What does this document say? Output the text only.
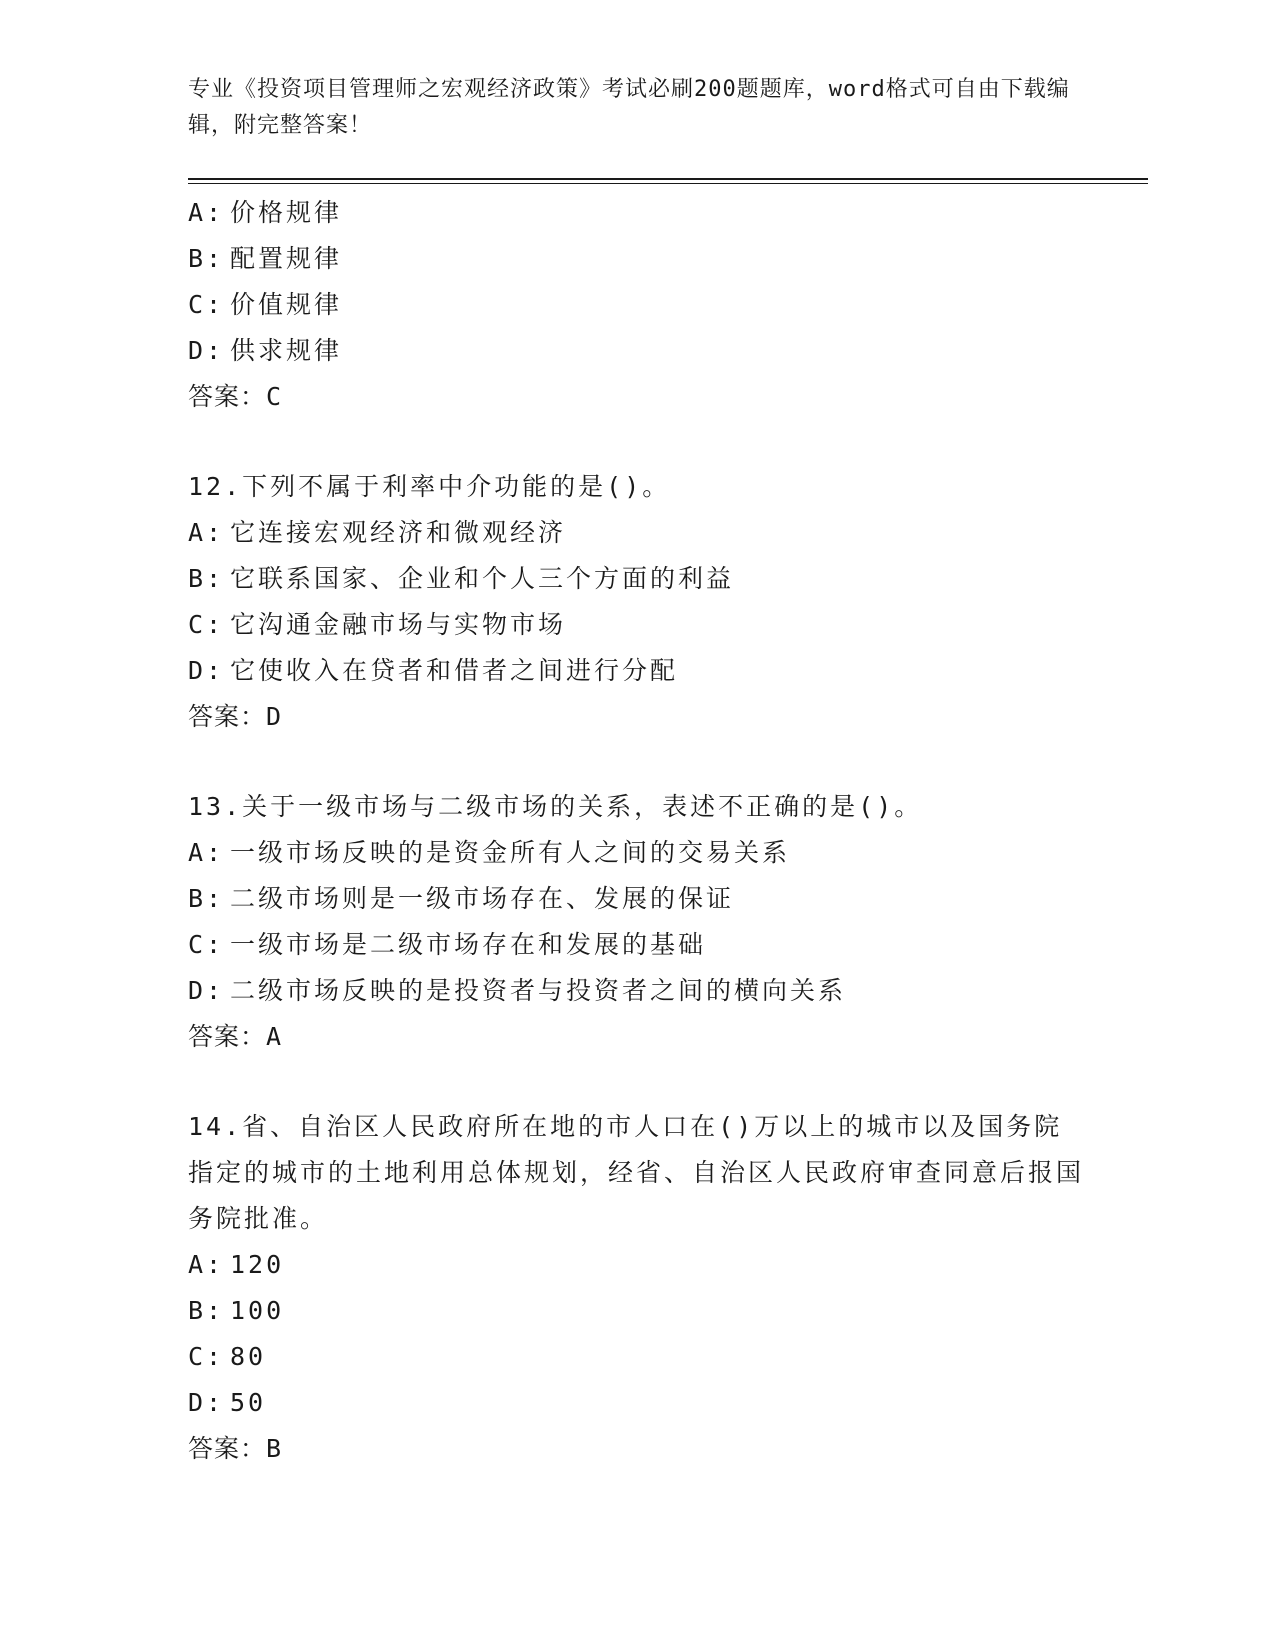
专业《投资项目管理师之宏观经济政策》考试必刷200题题库，word格式可自由下载编辑，附完整答案！
A: 价格规律
B: 配置规律
C: 价值规律
D: 供求规律
答案：C
12.下列不属于利率中介功能的是()。
A: 它连接宏观经济和微观经济
B: 它联系国家、企业和个人三个方面的利益
C: 它沟通金融市场与实物市场
D: 它使收入在贷者和借者之间进行分配
答案：D
13.关于一级市场与二级市场的关系，表述不正确的是()。
A: 一级市场反映的是资金所有人之间的交易关系
B: 二级市场则是一级市场存在、发展的保证
C: 一级市场是二级市场存在和发展的基础
D: 二级市场反映的是投资者与投资者之间的横向关系
答案：A
14.省、自治区人民政府所在地的市人口在()万以上的城市以及国务院指定的城市的土地利用总体规划，经省、自治区人民政府审查同意后报国务院批准。
A: 120
B: 100
C: 80
D: 50
答案：B
